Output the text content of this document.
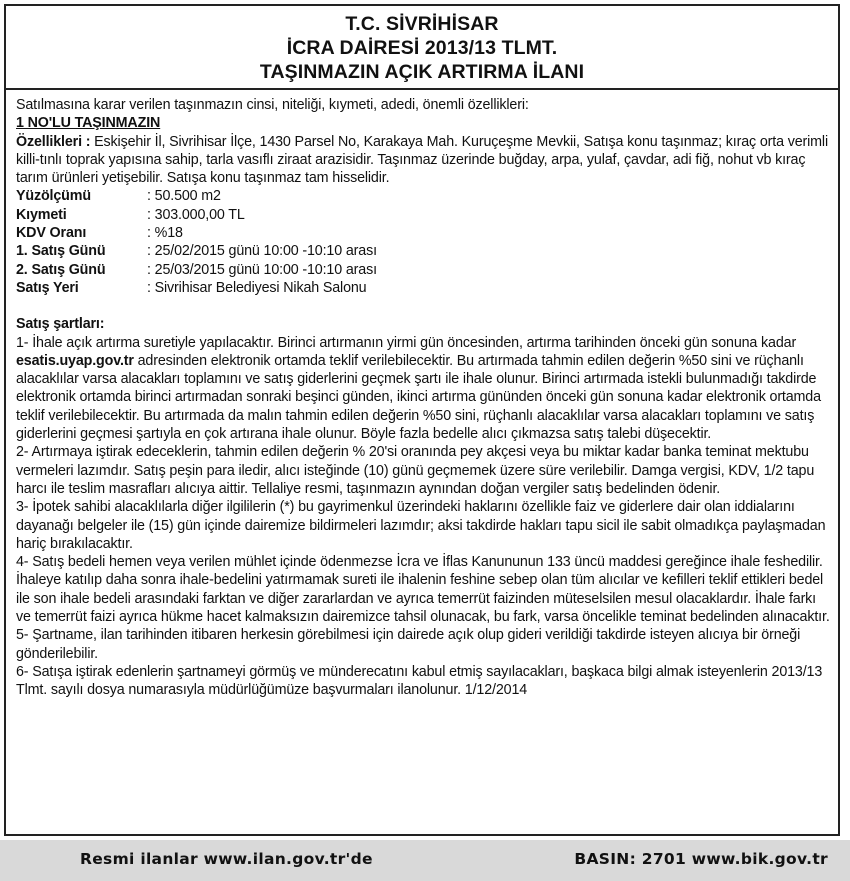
T.C. SİVRİHİSAR
İCRA DAİRESİ 2013/13 TLMT.
TAŞINMAZIN AÇIK ARTIRMA İLANI

Satılmasına karar verilen taşınmazın cinsi, niteliği, kıymeti, adedi, önemli özellikleri:

1 NO'LU TAŞINMAZIN

Özellikleri : Eskişehir İl, Sivrihisar İlçe, 1430 Parsel No, Karakaya Mah. Kuruçeşme Mevkii, Satışa konu taşınmaz; kıraç orta verimli killi-tınlı toprak yapısına sahip, tarla vasıflı ziraat arazisidir. Taşınmaz üzerinde buğday, arpa, yulaf, çavdar, adi fiğ, nohut vb kıraç tarım ürünleri yetişebilir. Satışa konu taşınmaz tam hisselidir.

Yüzölçümü	: 50.500 m2
Kıymeti	: 303.000,00 TL
KDV Oranı	: %18
1. Satış Günü	: 25/02/2015 günü 10:00 -10:10 arası
2. Satış Günü	: 25/03/2015 günü 10:00 -10:10 arası
Satış Yeri	: Sivrihisar Belediyesi Nikah Salonu

Satış şartları:

1- İhale açık artırma suretiyle yapılacaktır. Birinci artırmanın yirmi gün öncesinden, artırma tarihinden önceki gün sonuna kadar esatis.uyap.gov.tr adresinden elektronik ortamda teklif verilebilecektir. Bu artırmada tahmin edilen değerin %50 sini ve rüçhanlı alacaklılar varsa alacakları toplamını ve satış giderlerini geçmek şartı ile ihale olunur. Birinci artırmada istekli bulunmadığı takdirde elektronik ortamda birinci artırmadan sonraki beşinci günden, ikinci artırma gününden önceki gün sonuna kadar elektronik ortamda teklif verilebilecektir. Bu artırmada da malın tahmin edilen değerin %50 sini, rüçhanlı alacaklılar varsa alacakları toplamını ve satış giderlerini geçmesi şartıyla en çok artırana ihale olunur. Böyle fazla bedelle alıcı çıkmazsa satış talebi düşecektir.

2- Artırmaya iştirak edeceklerin, tahmin edilen değerin % 20'si oranında pey akçesi veya bu miktar kadar banka teminat mektubu vermeleri lazımdır. Satış peşin para iledir, alıcı isteğinde (10) günü geçmemek üzere süre verilebilir. Damga vergisi, KDV, 1/2 tapu harcı ile teslim masrafları alıcıya aittir. Tellaliye resmi, taşınmazın aynından doğan vergiler satış bedelinden ödenir.

3- İpotek sahibi alacaklılarla diğer ilgililerin (*) bu gayrimenkul üzerindeki haklarını özellikle faiz ve giderlere dair olan iddialarını dayanağı belgeler ile (15) gün içinde dairemize bildirmeleri lazımdır; aksi takdirde hakları tapu sicil ile sabit olmadıkça paylaşmadan hariç bırakılacaktır.

4- Satış bedeli hemen veya verilen mühlet içinde ödenmezse İcra ve İflas Kanununun 133 üncü maddesi gereğince ihale feshedilir. İhaleye katılıp daha sonra ihale-bedelini yatırmamak sureti ile ihalenin feshine sebep olan tüm alıcılar ve kefilleri teklif ettikleri bedel ile son ihale bedeli arasındaki farktan ve diğer zararlardan ve ayrıca temerrüt faizinden müteselsilen mesul olacaklardır. İhale farkı ve temerrüt faizi ayrıca hükme hacet kalmaksızın dairemizce tahsil olunacak, bu fark, varsa öncelikle teminat bedelinden alınacaktır.

5- Şartname, ilan tarihinden itibaren herkesin görebilmesi için dairede açık olup gideri verildiği takdirde isteyen alıcıya bir örneği gönderilebilir.

6- Satışa iştirak edenlerin şartnameyi görmüş ve münderecatını kabul etmiş sayılacakları, başkaca bilgi almak isteyenlerin 2013/13 Tlmt. sayılı dosya numarasıyla müdürlüğümüze başvurmaları ilanolunur. 1/12/2014

Resmi ilanlar www.ilan.gov.tr'de	BASIN: 2701 www.bik.gov.tr
